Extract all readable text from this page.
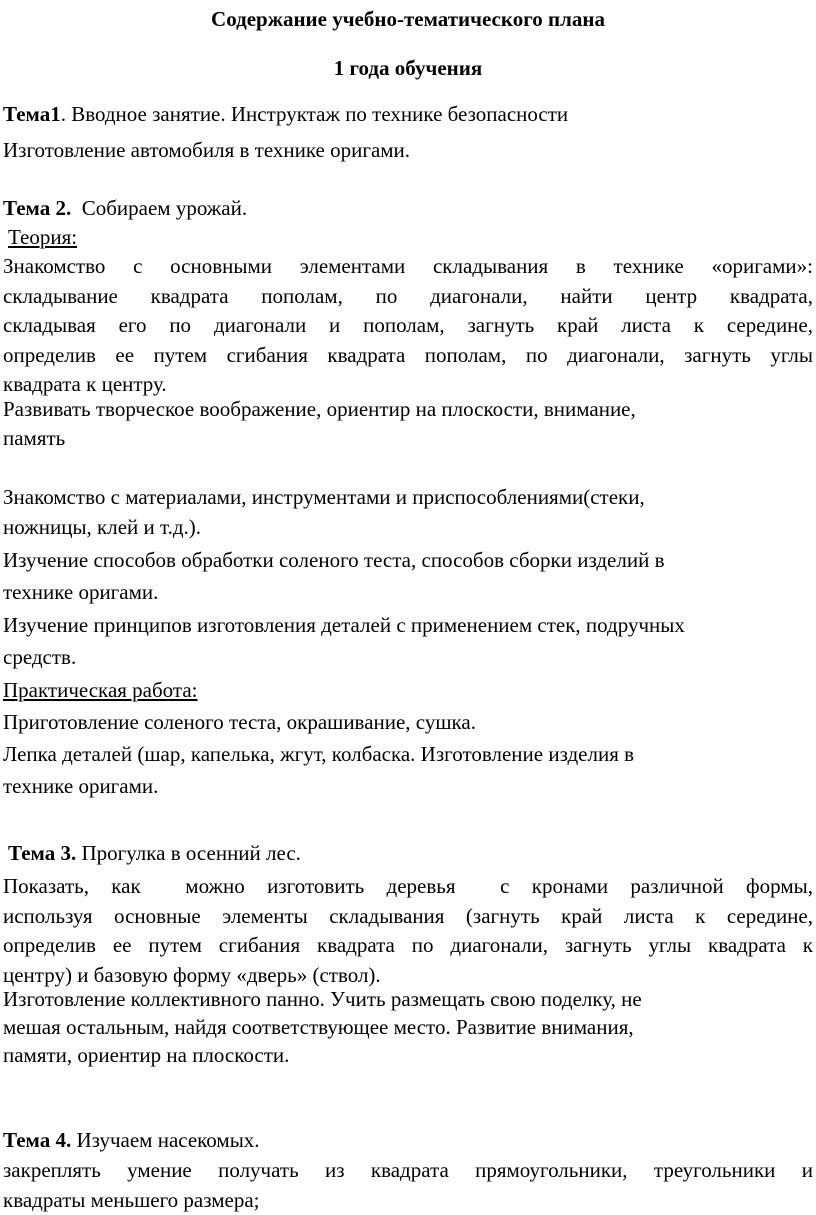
Содержание учебно-тематического плана

1 года обучения

Тема1. Вводное занятие. Инструктаж по технике безопасности

Изготовление автомобиля в технике оригами.

Тема 2.  Собираем урожай.

Теория:

Знакомство с основными элементами складывания в технике «оригами»:
складывание квадрата пополам, по диагонали, найти центр квадрата,
складывая его по диагонали и пополам, загнуть край листа к середине,
определив ее путем сгибания квадрата пополам, по диагонали, загнуть углы
квадрата к центру.

Развивать творческое воображение, ориентир на плоскости, внимание,

память

Знакомство с материалами, инструментами и приспособлениями(стеки,

ножницы, клей и т.д.).

Изучение способов обработки соленого теста, способов сборки изделий в

технике оригами.

Изучение принципов изготовления деталей с применением стек, подручных

средств.

Практическая работа:

Приготовление соленого теста, окрашивание, сушка.

Лепка деталей (шар, капелька, жгут, колбаска. Изготовление изделия в

технике оригами.

Тема 3. Прогулка в осенний лес.

Показать, как  можно изготовить деревья  с кронами различной формы,
используя основные элементы складывания (загнуть край листа к середине,
определив ее путем сгибания квадрата по диагонали, загнуть углы квадрата к
центру) и базовую форму «дверь» (ствол).

Изготовление коллективного панно. Учить размещать свою поделку, не

мешая остальным, найдя соответствующее место. Развитие внимания,

памяти, ориентир на плоскости.

Тема 4. Изучаем насекомых.

закреплять умение получать из квадрата прямоугольники, треугольники и
квадраты меньшего размера;
